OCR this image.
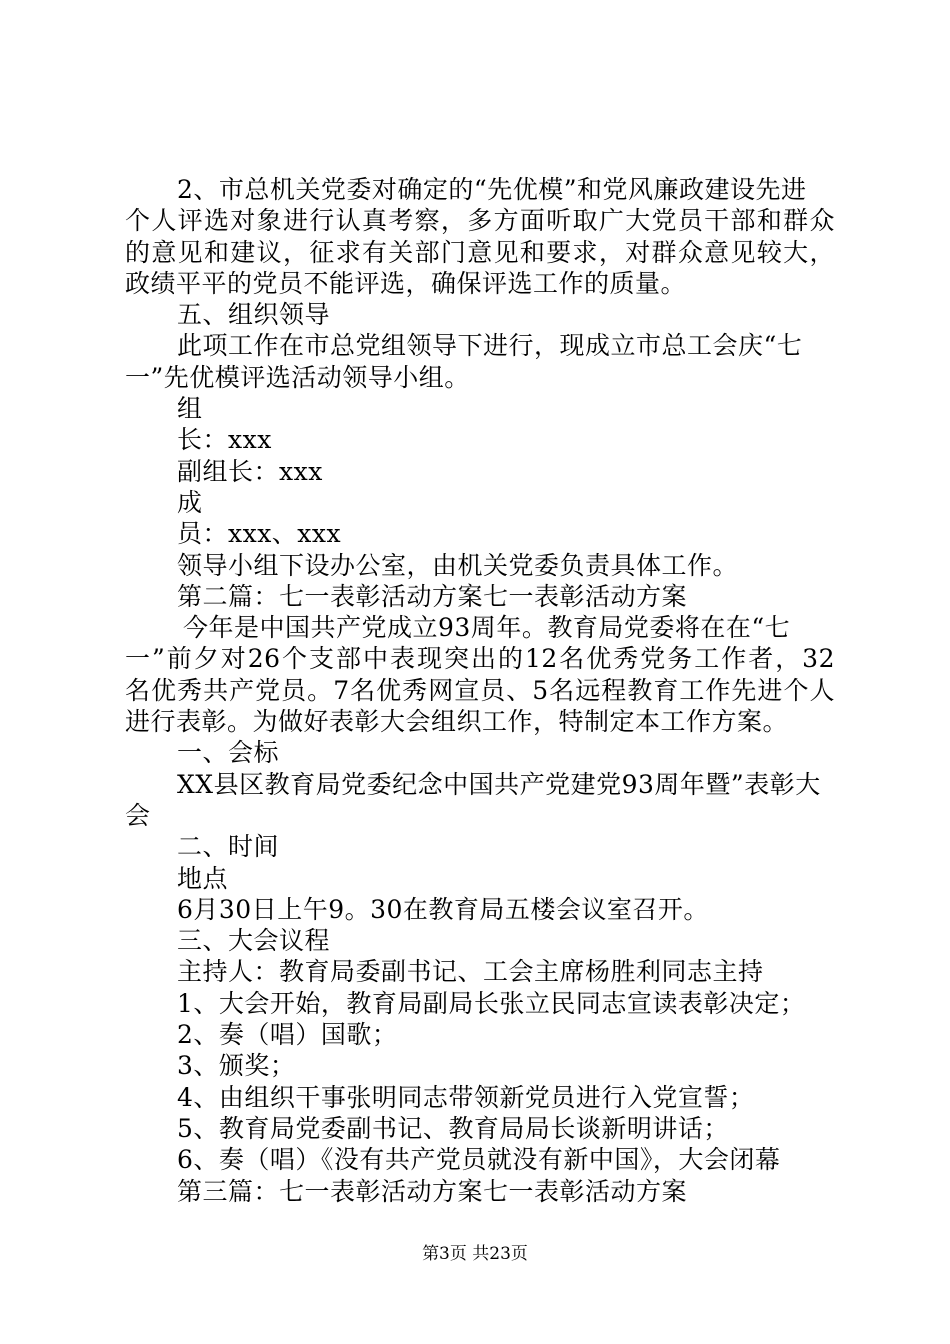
2、市总机关党委对确定的“先优模”和党风廉政建设先进
个人评选对象进行认真考察，多方面听取广大党员干部和群众
的意见和建议，征求有关部门意见和要求，对群众意见较大，
政绩平平的党员不能评选，确保评选工作的质量。
五、组织领导
此项工作在市总党组领导下进行，现成立市总工会庆“七
一”先优模评选活动领导小组。
组
长：xxx
副组长：xxx
成
员：xxx、xxx
领导小组下设办公室，由机关党委负责具体工作。
第二篇：七一表彰活动方案七一表彰活动方案
今年是中国共产党成立93周年。教育局党委将在在“七
一”前夕对26个支部中表现突出的12名优秀党务工作者，32
名优秀共产党员。7名优秀网宣员、5名远程教育工作先进个人
进行表彰。为做好表彰大会组织工作，特制定本工作方案。
一、会标
XX县区教育局党委纪念中国共产党建党93周年暨”表彰大
会
二、时间
地点
6月30日上午9。30在教育局五楼会议室召开。
三、大会议程
主持人：教育局委副书记、工会主席杨胜利同志主持
1、大会开始，教育局副局长张立民同志宣读表彰决定；
2、奏（唱）国歌；
3、颁奖；
4、由组织干事张明同志带领新党员进行入党宣誓；
5、教育局党委副书记、教育局局长谈新明讲话；
6、奏（唱）《没有共产党员就没有新中国》，大会闭幕
第三篇：七一表彰活动方案七一表彰活动方案
第3页 共23页
